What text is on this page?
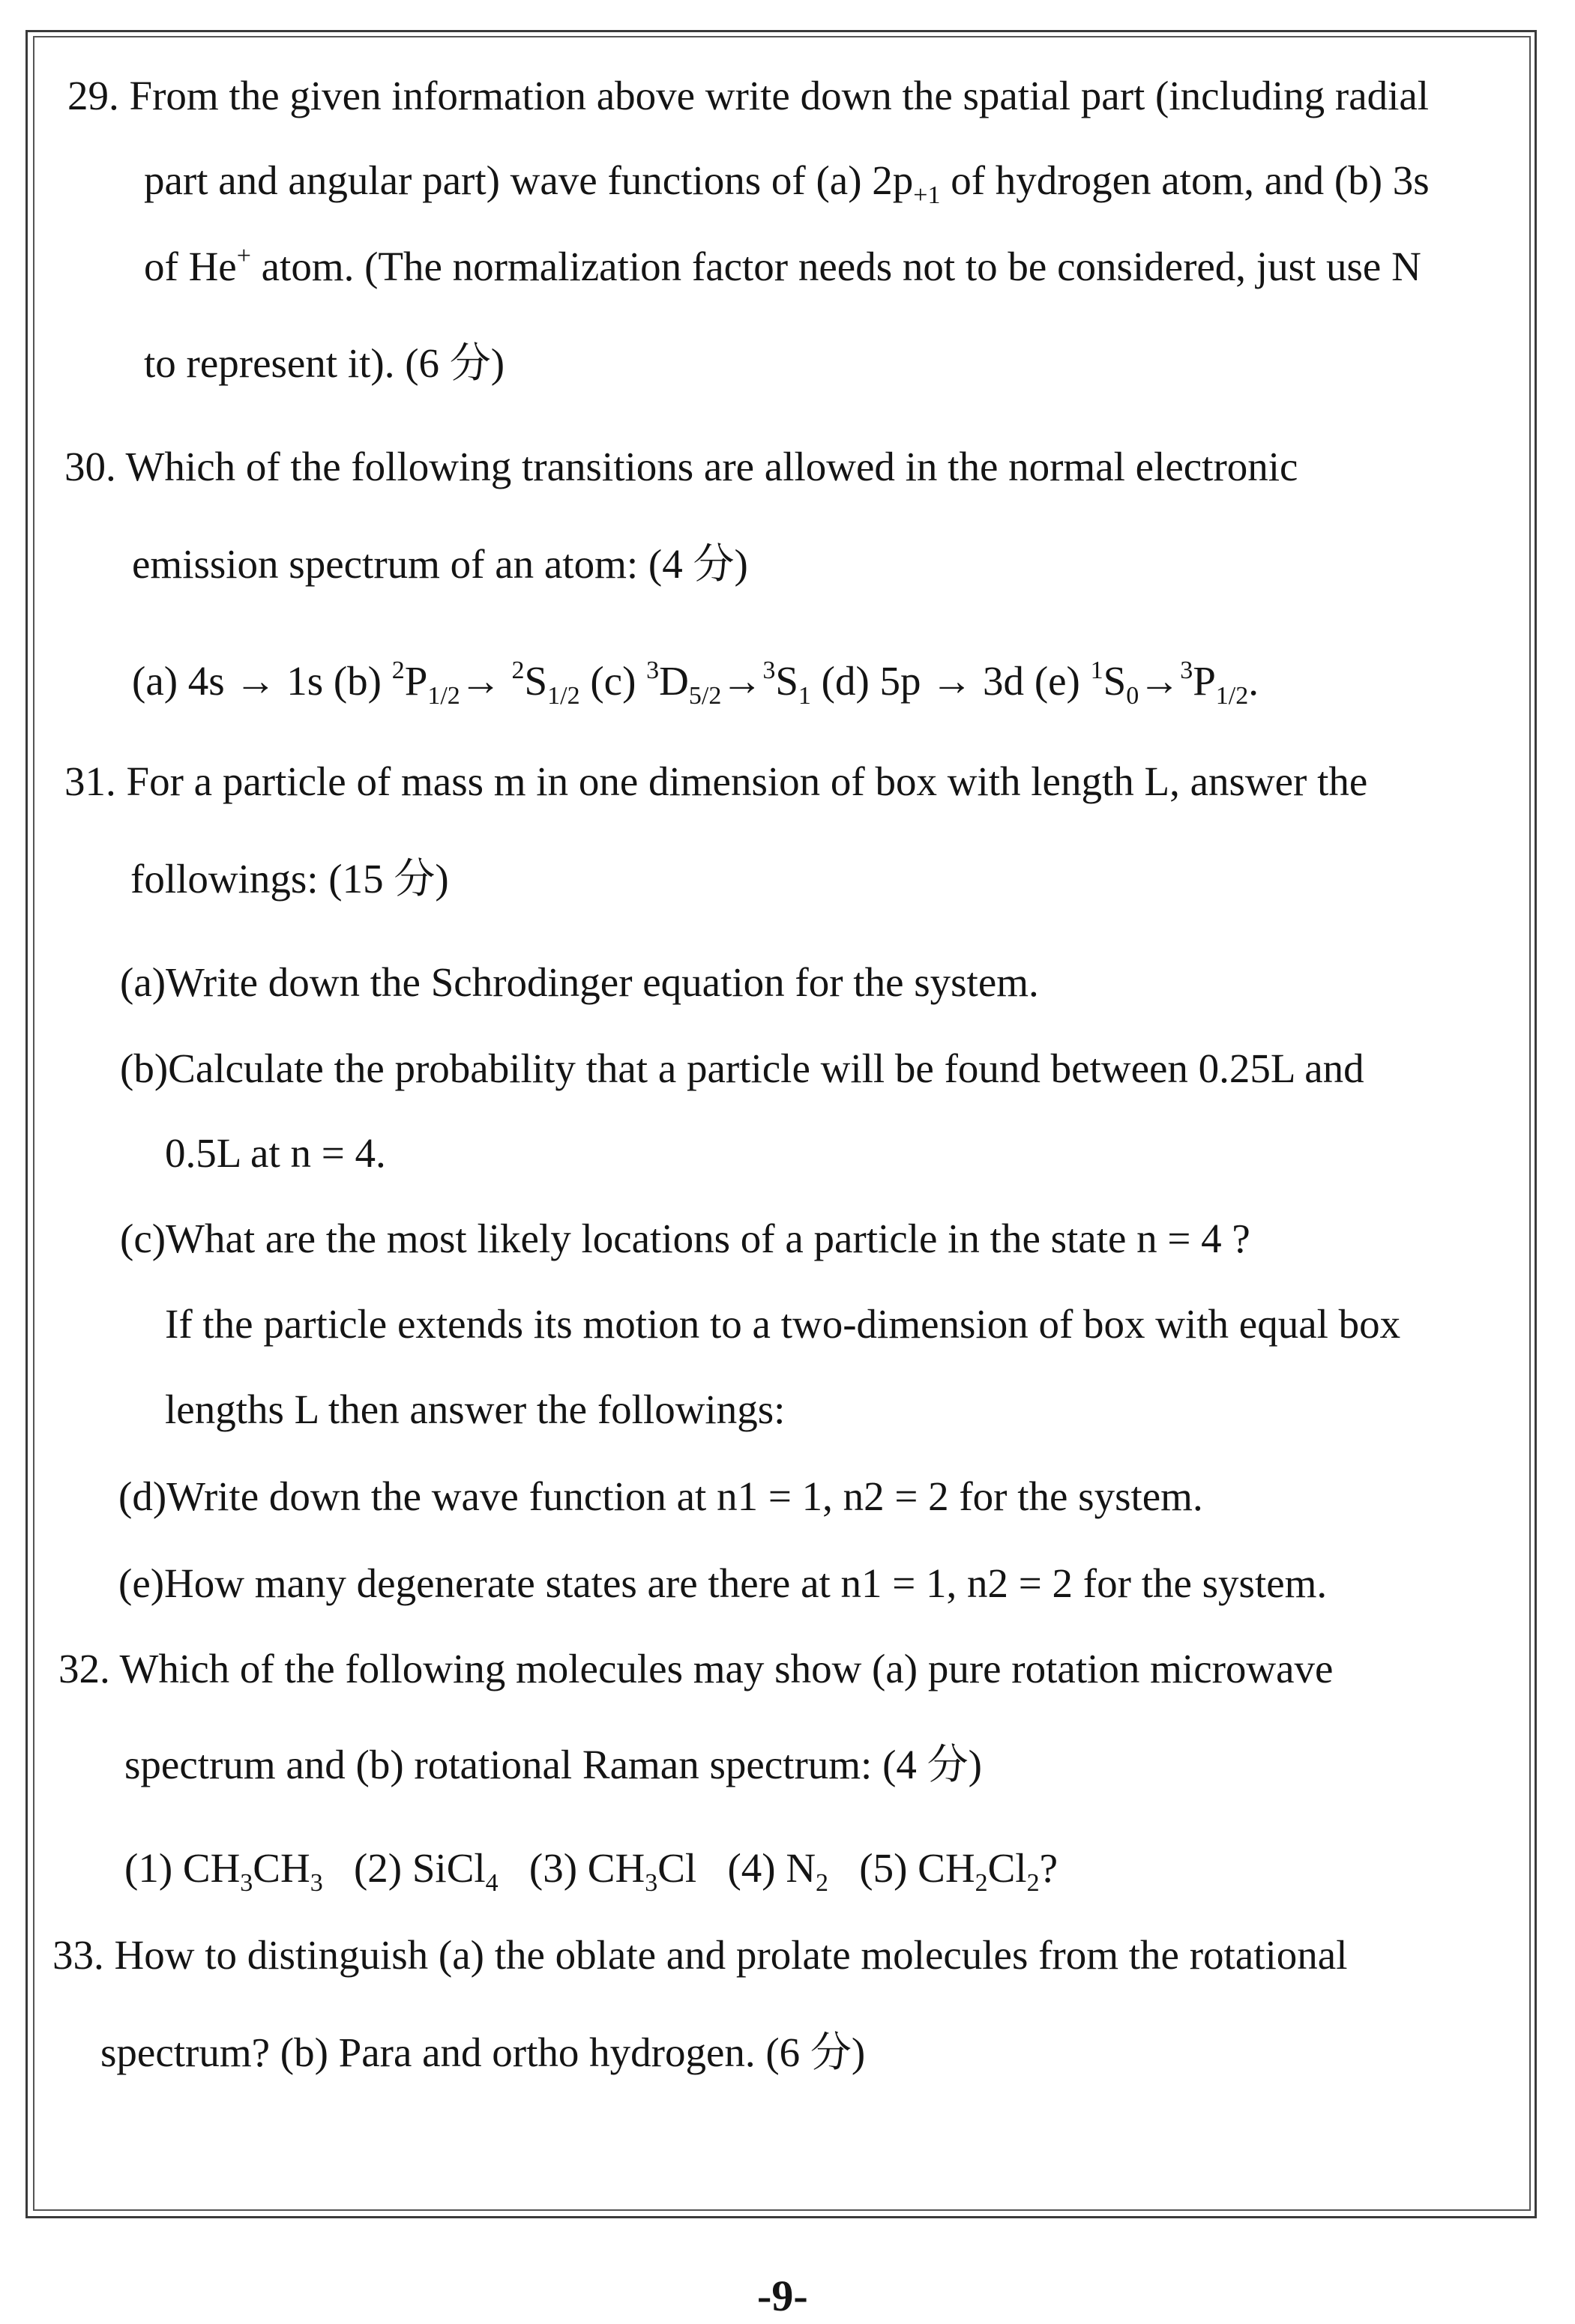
29. From the given information above write down the spatial part (including radial
part and angular part) wave functions of (a) $2p_{+1}$ of hydrogen atom, and (b) 3s
of He+ atom. (The normalization factor needs not to be considered, just use N
to represent it). (6 分)
30. Which of the following transitions are allowed in the normal electronic
emission spectrum of an atom: (4 分)
(a) 4s → 1s (b) $^2P_{1/2}\to ^2S_{1/2}$ (c) $^3D_{5/2}\to^3S_1$ (d) 5p → 3d (e) $^1S_0\to^3P_{1/2}$.
31. For a particle of mass m in one dimension of box with length L, answer the
followings: (15 分)
(a)Write down the Schrodinger equation for the system.
(b)Calculate the probability that a particle will be found between 0.25L and
0.5L at n = 4.
(c)What are the most likely locations of a particle in the state n = 4 ?
If the particle extends its motion to a two-dimension of box with equal box
lengths L then answer the followings:
(d)Write down the wave function at n1 = 1, n2 = 2 for the system.
(e)How many degenerate states are there at n1 = 1, n2 = 2 for the system.
32. Which of the following molecules may show (a) pure rotation microwave
spectrum and (b) rotational Raman spectrum: (4 分)
(1) $CH_3CH_3$ (2) SiCl$_4$ (3) $CH_3Cl$ (4) $N_2$ (5) $CH_2Cl_2$?
33. How to distinguish (a) the oblate and prolate molecules from the rotational
spectrum? (b) Para and ortho hydrogen. (6 分)
-9-
